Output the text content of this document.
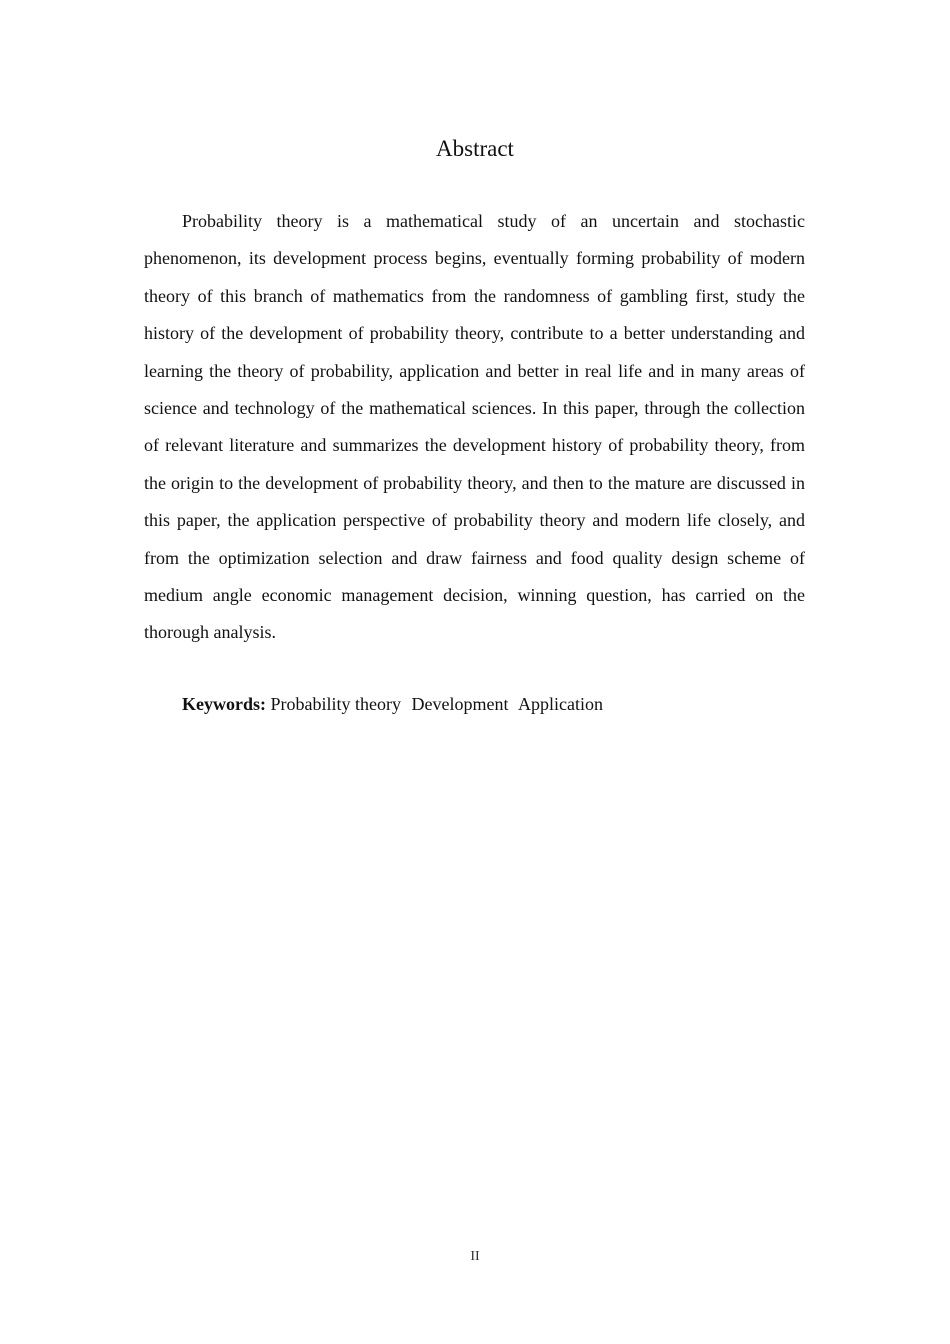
Abstract

Probability theory is a mathematical study of an uncertain and stochastic phenomenon, its development process begins, eventually forming probability of modern theory of this branch of mathematics from the randomness of gambling first, study the history of the development of probability theory, contribute to a better understanding and learning the theory of probability, application and better in real life and in many areas of science and technology of the mathematical sciences. In this paper, through the collection of relevant literature and summarizes the development history of probability theory, from the origin to the development of probability theory, and then to the mature are discussed in this paper, the application perspective of probability theory and modern life closely, and from the optimization selection and draw fairness and food quality design scheme of medium angle economic management decision, winning question, has carried on the thorough analysis.

Keywords: Probability theory Development Application

II
